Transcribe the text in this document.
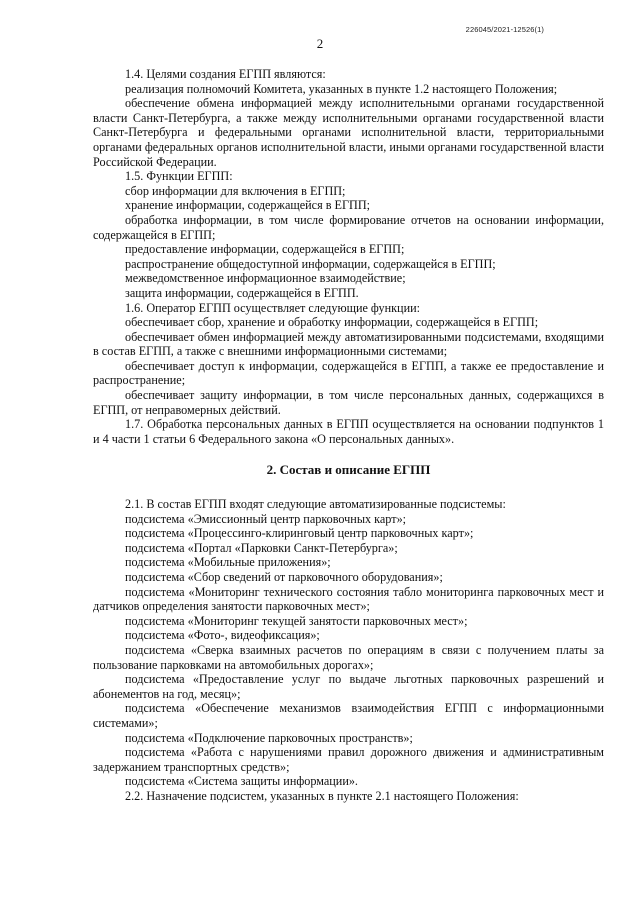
226045/2021-12526(1)
2

1.4. Целями создания ЕГПП являются:

реализация полномочий Комитета, указанных в пункте 1.2 настоящего Положения;

обеспечение обмена информацией между исполнительными органами государственной власти Санкт-Петербурга, а также между исполнительными органами государственной власти Санкт-Петербурга и федеральными органами исполнительной власти, территориальными органами федеральных органов исполнительной власти, иными органами государственной власти Российской Федерации.

1.5. Функции ЕГПП:

сбор информации для включения в ЕГПП;

хранение информации, содержащейся в ЕГПП;

обработка информации, в том числе формирование отчетов на основании информации, содержащейся в ЕГПП;

предоставление информации, содержащейся в ЕГПП;

распространение общедоступной информации, содержащейся в ЕГПП;

межведомственное информационное взаимодействие;

защита информации, содержащейся в ЕГПП.

1.6. Оператор ЕГПП осуществляет следующие функции:

обеспечивает сбор, хранение и обработку информации, содержащейся в ЕГПП;

обеспечивает обмен информацией между автоматизированными подсистемами, входящими в состав ЕГПП, а также с внешними информационными системами;

обеспечивает доступ к информации, содержащейся в ЕГПП, а также ее предоставление и распространение;

обеспечивает защиту информации, в том числе персональных данных, содержащихся в ЕГПП, от неправомерных действий.

1.7. Обработка персональных данных в ЕГПП осуществляется на основании подпунктов 1 и 4 части 1 статьи 6 Федерального закона «О персональных данных».

2. Состав и описание ЕГПП

2.1. В состав ЕГПП входят следующие автоматизированные подсистемы:

подсистема «Эмиссионный центр парковочных карт»;

подсистема «Процессинго-клиринговый центр парковочных карт»;

подсистема «Портал «Парковки Санкт-Петербурга»;

подсистема «Мобильные приложения»;

подсистема «Сбор сведений от парковочного оборудования»;

подсистема «Мониторинг технического состояния табло мониторинга парковочных мест и датчиков определения занятости парковочных мест»;

подсистема «Мониторинг текущей занятости парковочных мест»;

подсистема «Фото-, видеофиксация»;

подсистема «Сверка взаимных расчетов по операциям в связи с получением платы за пользование парковками на автомобильных дорогах»;

подсистема «Предоставление услуг по выдаче льготных парковочных разрешений и абонементов на год, месяц»;

подсистема «Обеспечение механизмов взаимодействия ЕГПП с информационными системами»;

подсистема «Подключение парковочных пространств»;

подсистема «Работа с нарушениями правил дорожного движения и административным задержанием транспортных средств»;

подсистема «Система защиты информации».

2.2. Назначение подсистем, указанных в пункте 2.1 настоящего Положения:
